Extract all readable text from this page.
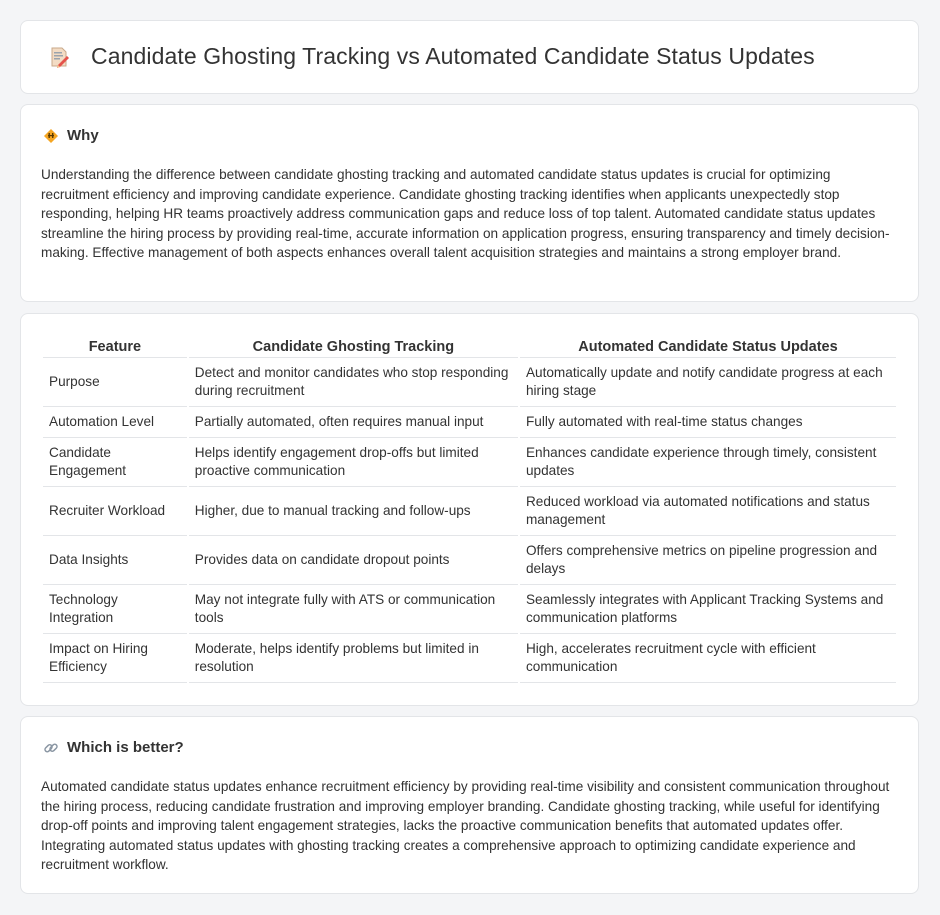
Candidate Ghosting Tracking vs Automated Candidate Status Updates
Why

Understanding the difference between candidate ghosting tracking and automated candidate status updates is crucial for optimizing recruitment efficiency and improving candidate experience. Candidate ghosting tracking identifies when applicants unexpectedly stop responding, helping HR teams proactively address communication gaps and reduce loss of top talent. Automated candidate status updates streamline the hiring process by providing real-time, accurate information on application progress, ensuring transparency and timely decision-making. Effective management of both aspects enhances overall talent acquisition strategies and maintains a strong employer brand.

Feature	Candidate Ghosting Tracking	Automated Candidate Status Updates
Purpose	Detect and monitor candidates who stop responding during recruitment	Automatically update and notify candidate progress at each hiring stage
Automation Level	Partially automated, often requires manual input	Fully automated with real-time status changes
Candidate Engagement	Helps identify engagement drop-offs but limited proactive communication	Enhances candidate experience through timely, consistent updates
Recruiter Workload	Higher, due to manual tracking and follow-ups	Reduced workload via automated notifications and status management
Data Insights	Provides data on candidate dropout points	Offers comprehensive metrics on pipeline progression and delays
Technology Integration	May not integrate fully with ATS or communication tools	Seamlessly integrates with Applicant Tracking Systems and communication platforms
Impact on Hiring Efficiency	Moderate, helps identify problems but limited in resolution	High, accelerates recruitment cycle with efficient communication
Which is better?

Automated candidate status updates enhance recruitment efficiency by providing real-time visibility and consistent communication throughout the hiring process, reducing candidate frustration and improving employer branding. Candidate ghosting tracking, while useful for identifying drop-off points and improving talent engagement strategies, lacks the proactive communication benefits that automated updates offer. Integrating automated status updates with ghosting tracking creates a comprehensive approach to optimizing candidate experience and recruitment workflow.
